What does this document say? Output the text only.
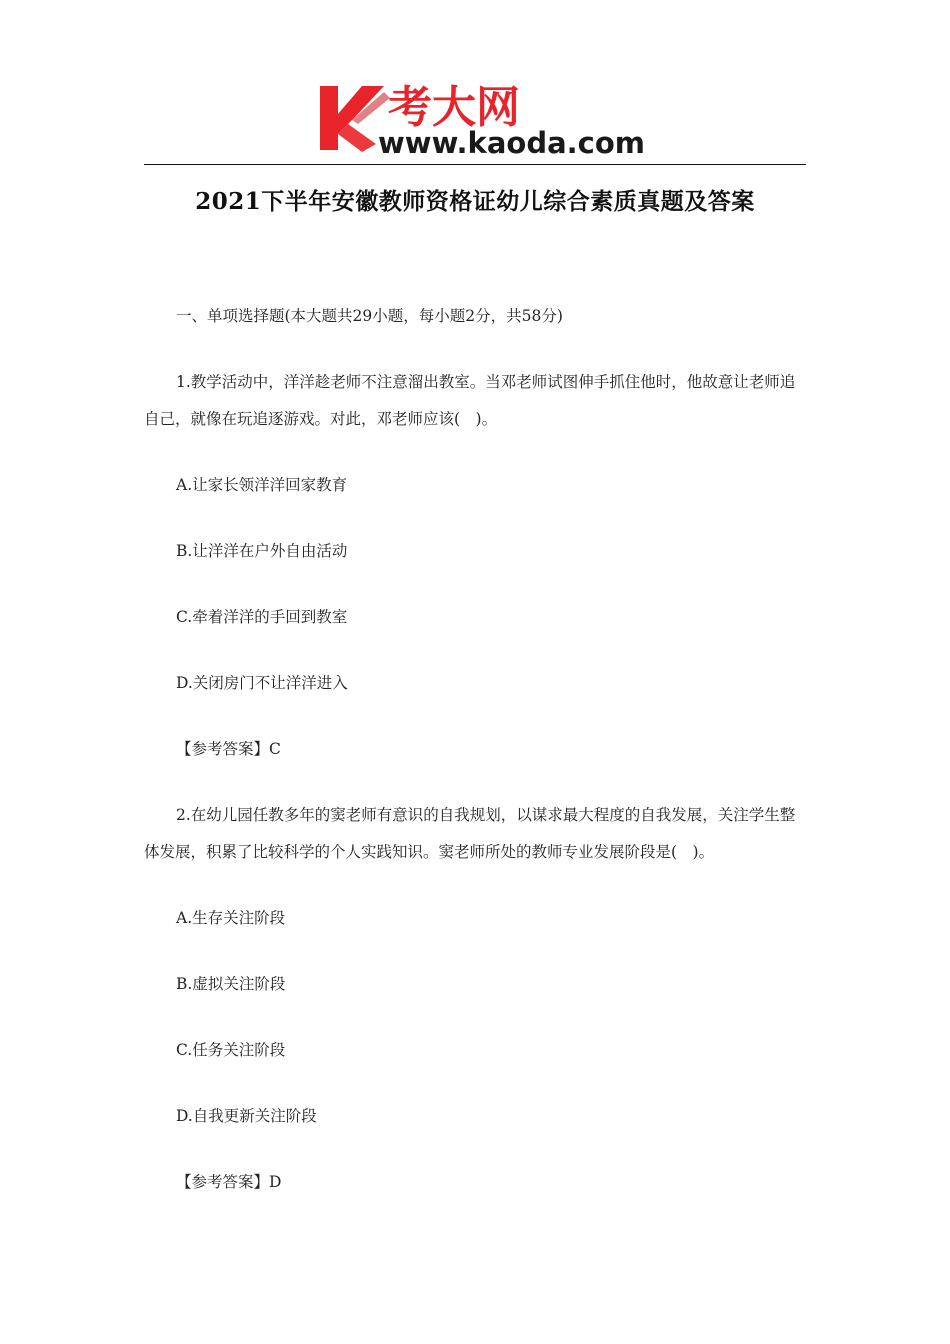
考大网
www.kaoda.com
2021下半年安徽教师资格证幼儿综合素质真题及答案

一、单项选择题(本大题共29小题，每小题2分，共58分)

1.教学活动中，洋洋趁老师不注意溜出教室。当邓老师试图伸手抓住他时，他故意让老师追自己，就像在玩追逐游戏。对此，邓老师应该(　)。

A.让家长领洋洋回家教育

B.让洋洋在户外自由活动

C.牵着洋洋的手回到教室

D.关闭房门不让洋洋进入

【参考答案】C

2.在幼儿园任教多年的窦老师有意识的自我规划，以谋求最大程度的自我发展，关注学生整体发展，积累了比较科学的个人实践知识。窦老师所处的教师专业发展阶段是(　)。

A.生存关注阶段

B.虚拟关注阶段

C.任务关注阶段

D.自我更新关注阶段

【参考答案】D
